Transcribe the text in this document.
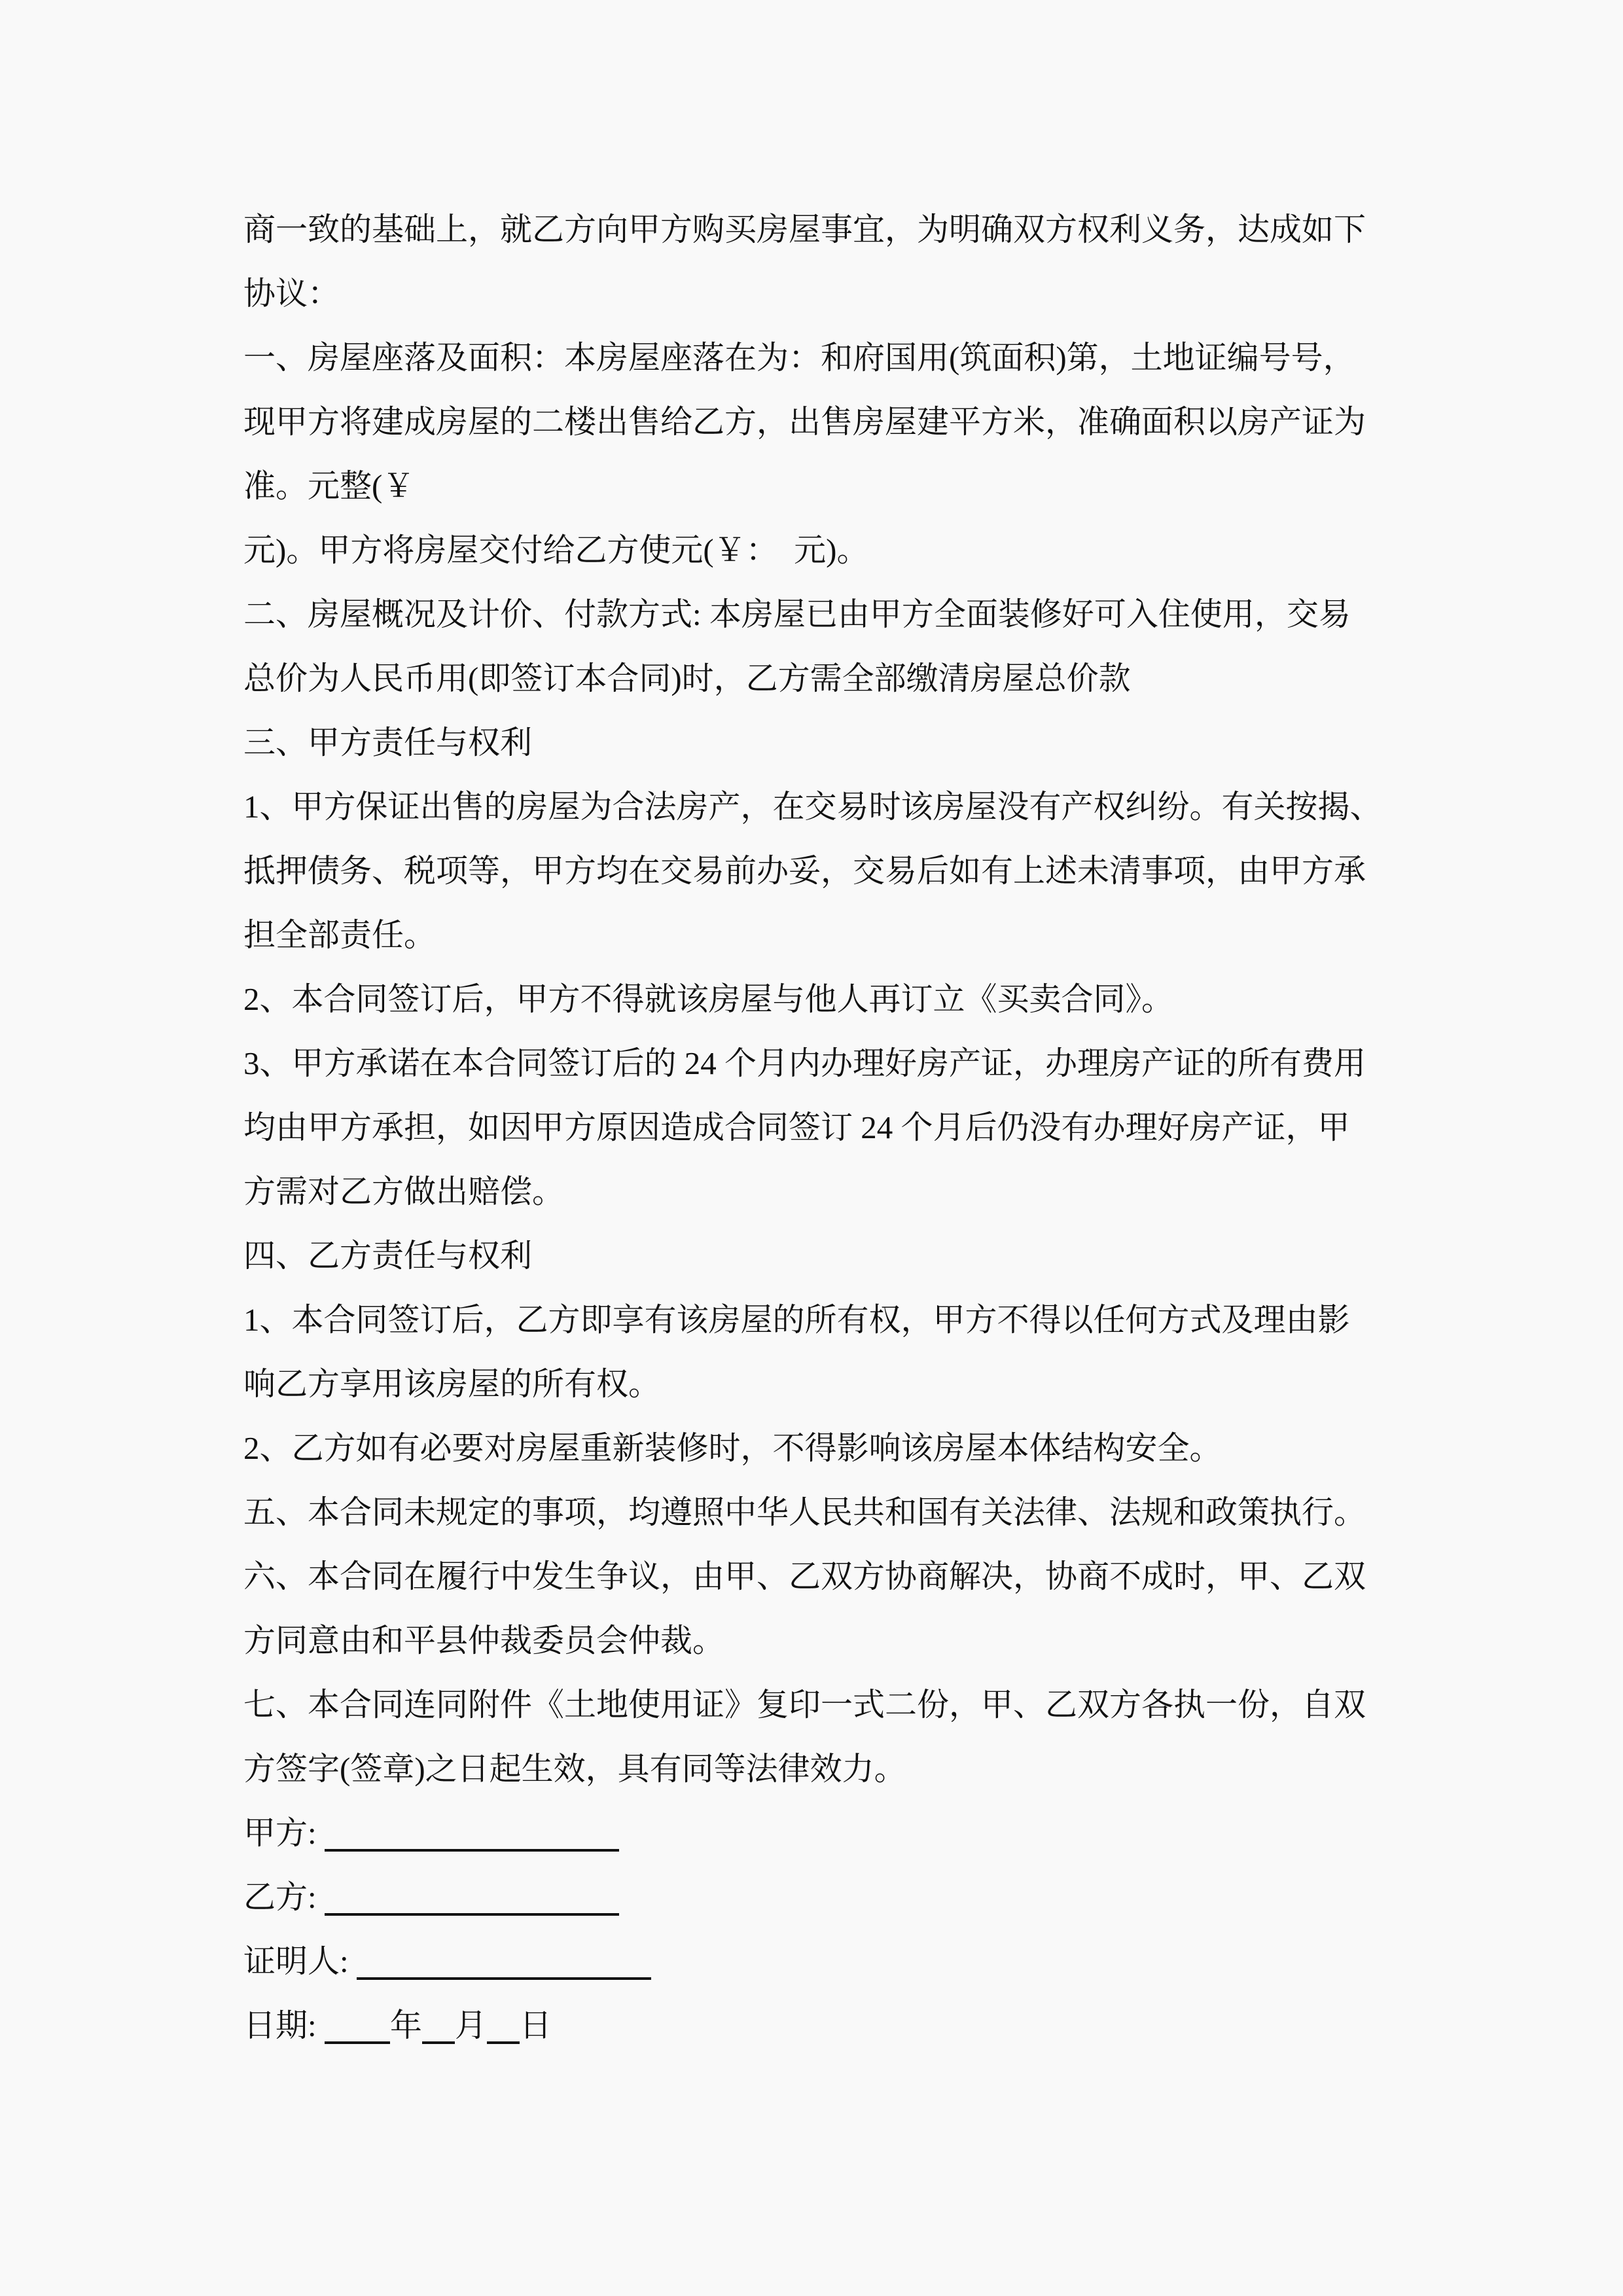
商一致的基础上，就乙方向甲方购买房屋事宜，为明确双方权利义务，达成如下
协议：
一、房屋座落及面积：本房屋座落在为：和府国用(筑面积)第，土地证编号号，
现甲方将建成房屋的二楼出售给乙方，出售房屋建平方米，准确面积以房产证为
准。元整(￥
元)。甲方将房屋交付给乙方使元(￥：　元)。
二、房屋概况及计价、付款方式: 本房屋已由甲方全面装修好可入住使用，交易
总价为人民币用(即签订本合同)时，乙方需全部缴清房屋总价款
三、甲方责任与权利
1、甲方保证出售的房屋为合法房产，在交易时该房屋没有产权纠纷。有关按揭、
抵押债务、税项等，甲方均在交易前办妥，交易后如有上述未清事项，由甲方承
担全部责任。
2、本合同签订后，甲方不得就该房屋与他人再订立《买卖合同》。
3、甲方承诺在本合同签订后的 24 个月内办理好房产证，办理房产证的所有费用
均由甲方承担，如因甲方原因造成合同签订 24 个月后仍没有办理好房产证，甲
方需对乙方做出赔偿。
四、乙方责任与权利
1、本合同签订后，乙方即享有该房屋的所有权，甲方不得以任何方式及理由影
响乙方享用该房屋的所有权。
2、乙方如有必要对房屋重新装修时，不得影响该房屋本体结构安全。
五、本合同未规定的事项，均遵照中华人民共和国有关法律、法规和政策执行。
六、本合同在履行中发生争议，由甲、乙双方协商解决，协商不成时，甲、乙双
方同意由和平县仲裁委员会仲裁。
七、本合同连同附件《土地使用证》复印一式二份，甲、乙双方各执一份，自双
方签字(签章)之日起生效，具有同等法律效力。
甲方:
乙方:
证明人:
日期: 年 月 日
